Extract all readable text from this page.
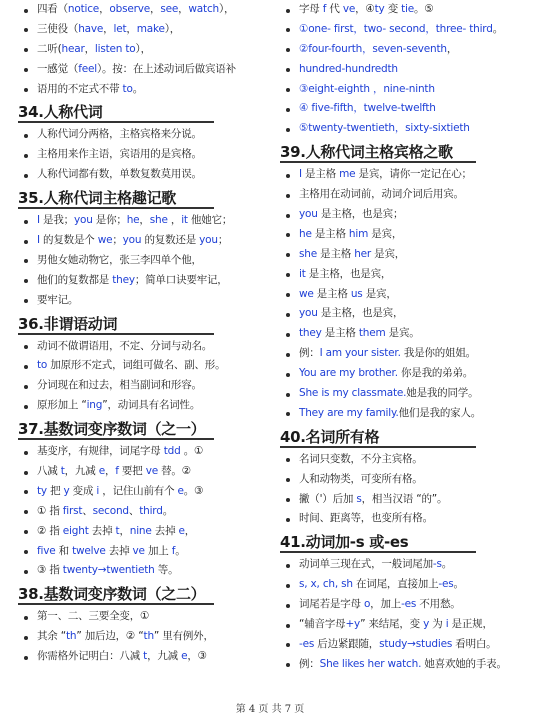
四看（notice，observe，see，watch），
三使役（have，let，make），
二听(hear，listen to），
一感觉（feel）。按：在上述动词后做宾语补
语用的不定式不带 to。
34.人称代词
人称代词分两格，主格宾格来分说。
主格用来作主语，宾语用的是宾格。
人称代词都有数，单数复数莫用误。
35.人称代词主格趣记歌
I 是我；you 是你；he，she ，it 他她它；
I 的复数是个 we；you 的复数还是 you；
男他女她动物它，张三李四单个他，
他们的复数都是 they；简单口诀要牢记，
要牢记。
36.非谓语动词
动词不做谓语用，不定、分词与动名。
to 加原形不定式，词组可做名、副、形。
分词现在和过去，相当副词和形容。
原形加上 “ing”，动词具有名词性。
37.基数词变序数词（之一）
基变序，有规律，词尾字母 tdd 。①
八减 t，九减 e，f 要把 ve 替。②
ty 把 y 变成 i ，记住山前有个 e。③
① 指 first、second、third。
② 指 eight 去掉 t，nine 去掉 e，
five 和 twelve 去掉 ve 加上 f。
③ 指 twenty→twentieth 等。
38.基数词变序数词（之二）
第一、二、三要全变，①
其余 “th” 加后边，② “th” 里有例外，
你需格外记明白：八减 t，九减 e，③
字母 f 代 ve，④ty 变 tie。⑤
①one- first，two- second，three- third。
②four-fourth，seven-seventh，
hundred-hundredth
③eight-eighth ，nine-ninth
④ five-fifth，twelve-twelfth
⑤twenty-twentieth，sixty-sixtieth
39.人称代词主格宾格之歌
I 是主格 me 是宾，请你一定记在心；
主格用在动词前，动词介词后用宾。
you 是主格，也是宾；
he 是主格 him 是宾，
she 是主格 her 是宾，
it 是主格，也是宾，
we 是主格 us 是宾，
you 是主格，也是宾，
they 是主格 them 是宾。
例：I am your sister. 我是你的姐姐。
You are my brother. 你是我的弟弟。
She is my classmate.她是我的同学。
They are my family.他们是我的家人。
40.名词所有格
名词只变数，不分主宾格。
人和动物类，可变所有格。
撇（'）后加 s，相当汉语 “的”。
时间、距离等，也变所有格。
41.动词加-s 或-es
动词单三现在式，一般词尾加-s。
s, x, ch, sh 在词尾，直接加上-es。
词尾若是字母 o，加上-es 不用愁。
“辅音字母+y” 来结尾，变 y 为 i 是正规，
-es 后边紧跟随，study→studies 看明白。
例：She likes her watch. 她喜欢她的手表。
第 4 页 共 7 页
